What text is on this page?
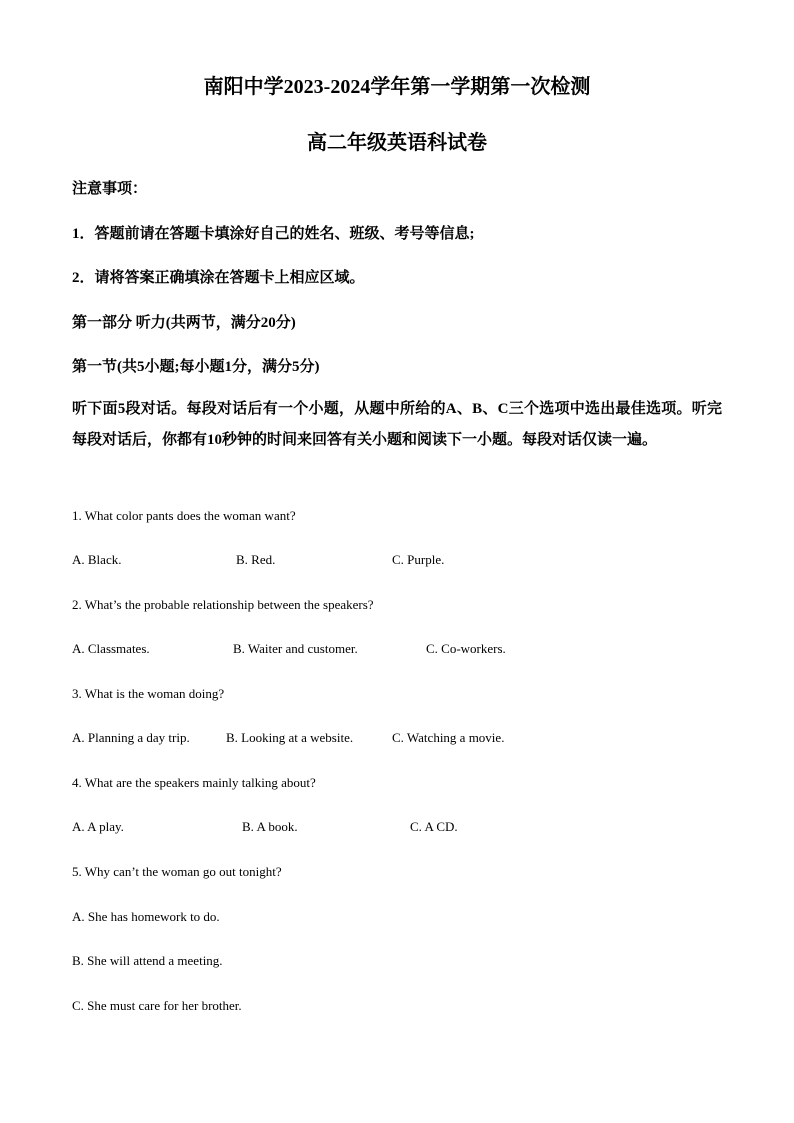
南阳中学2023-2024学年第一学期第一次检测
高二年级英语科试卷
注意事项：
1．答题前请在答题卡填涂好自己的姓名、班级、考号等信息;
2．请将答案正确填涂在答题卡上相应区域。
第一部分 听力(共两节，满分20分)
第一节(共5小题;每小题1分，满分5分)
听下面5段对话。每段对话后有一个小题，从题中所给的A、B、C三个选项中选出最佳选项。听完每段对话后，你都有10秒钟的时间来回答有关小题和阅读下一小题。每段对话仅读一遍。
1. What color pants does the woman want?
A. Black.	B. Red.	C. Purple.
2. What’s the probable relationship between the speakers?
A. Classmates.	B. Waiter and customer.	C. Co-workers.
3. What is the woman doing?
A. Planning a day trip.	B. Looking at a website.	C. Watching a movie.
4. What are the speakers mainly talking about?
A. A play.	B. A book.	C. A CD.
5. Why can’t the woman go out tonight?
A. She has homework to do.
B. She will attend a meeting.
C. She must care for her brother.
